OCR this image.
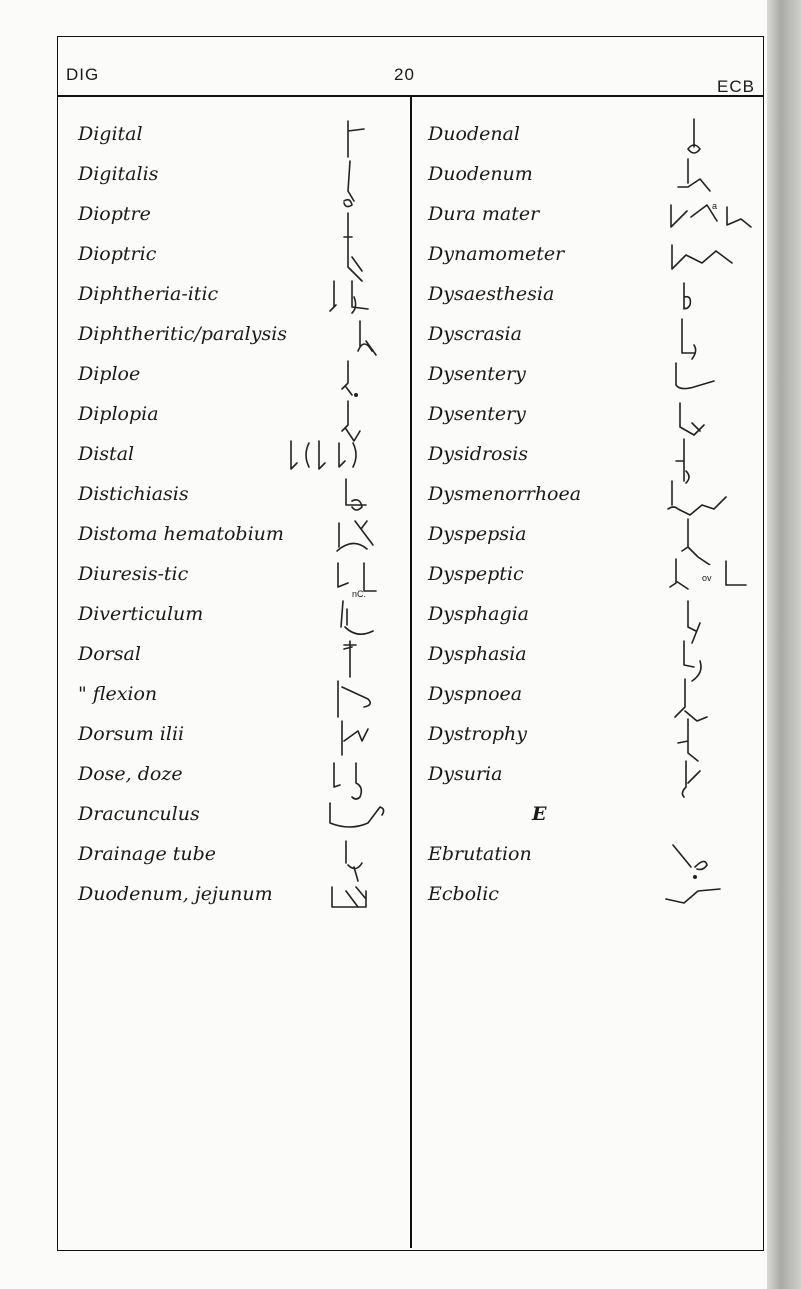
DIG	20
ECB
Digital
Digitalis
Dioptre
Dioptric
Diphtheria-itic
Diphtheritic/paralysis
Diploe
Diplopia
Distal
Distichiasis
Distoma hematobium
Diuresis-tic
nC.
Diverticulum
Dorsal
" flexion
Dorsum ilii
Dose, doze
Dracunculus
Drainage tube
Duodenum, jejunum
Duodenal
Duodenum
Dura mater	a
Dynamometer
Dysaesthesia
Dyscrasia
Dysentery
Dysentery
Dysidrosis
Dysmenorrhoea
Dyspepsia
Dyspeptic	ov
Dysphagia
Dysphasia
Dyspnoea
Dystrophy
Dysuria
E
Ebrutation
Ecbolic
